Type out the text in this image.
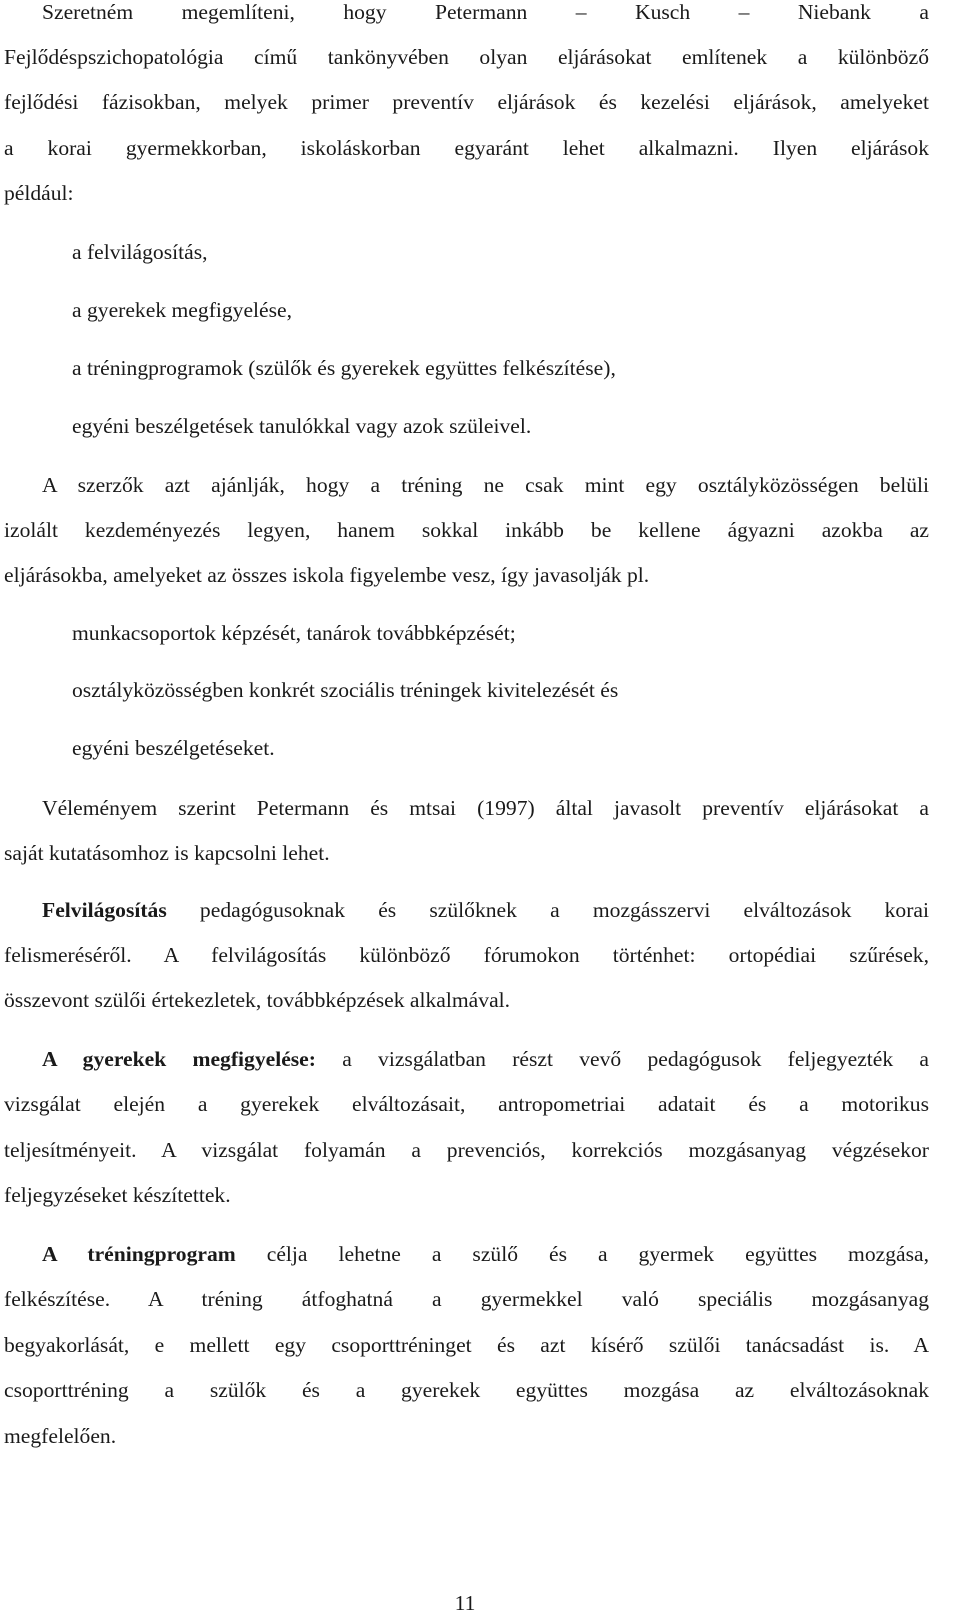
Szeretném megemlíteni, hogy Petermann – Kusch – Niebank a
Fejlődéspszichopatológia című tankönyvében olyan eljárásokat említenek a különböző
fejlődési fázisokban, melyek primer preventív eljárások és kezelési eljárások, amelyeket
a korai gyermekkorban, iskoláskorban egyaránt lehet alkalmazni. Ilyen eljárások
például:
a felvilágosítás,
a gyerekek megfigyelése,
a tréningprogramok (szülők és gyerekek együttes felkészítése),
egyéni beszélgetések tanulókkal vagy azok szüleivel.
A szerzők azt ajánlják, hogy a tréning ne csak mint egy osztályközösségen belüli
izolált kezdeményezés legyen, hanem sokkal inkább be kellene ágyazni azokba az
eljárásokba, amelyeket az összes iskola figyelembe vesz, így javasolják pl.
munkacsoportok képzését, tanárok továbbképzését;
osztályközösségben konkrét szociális tréningek kivitelezését és
egyéni beszélgetéseket.
Véleményem szerint Petermann és mtsai (1997) által javasolt preventív eljárásokat a
saját kutatásomhoz is kapcsolni lehet.
Felvilágosítás pedagógusoknak és szülőknek a mozgásszervi elváltozások korai
felismeréséről. A felvilágosítás különböző fórumokon történhet: ortopédiai szűrések,
összevont szülői értekezletek, továbbképzések alkalmával.
A gyerekek megfigyelése: a vizsgálatban részt vevő pedagógusok feljegyezték a
vizsgálat elején a gyerekek elváltozásait, antropometriai adatait és a motorikus
teljesítményeit. A vizsgálat folyamán a prevenciós, korrekciós mozgásanyag végzésekor
feljegyzéseket készítettek.
A tréningprogram célja lehetne a szülő és a gyermek együttes mozgása,
felkészítése. A tréning átfoghatná a gyermekkel való speciális mozgásanyag
begyakorlását, e mellett egy csoporttréninget és azt kísérő szülői tanácsadást is. A
csoporttréning a szülők és a gyerekek együttes mozgása az elváltozásoknak
megfelelően.
11
